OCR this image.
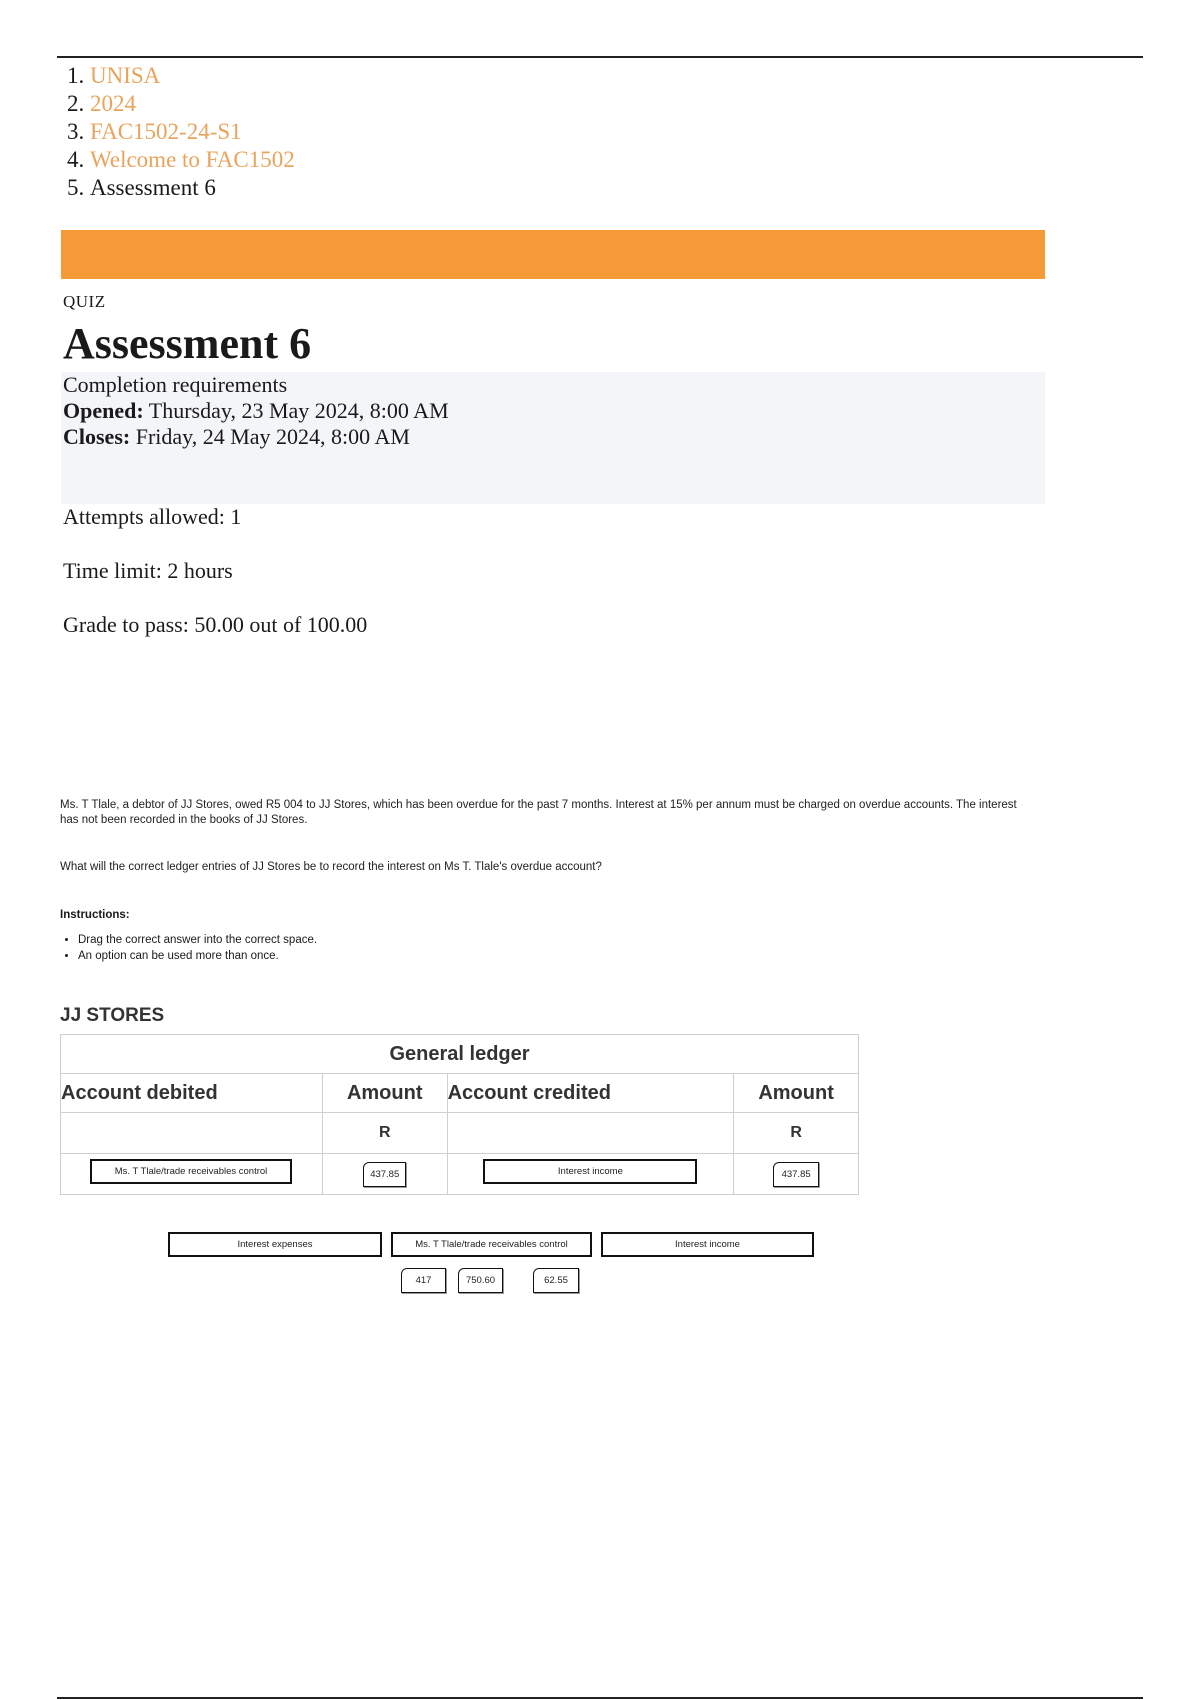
1. UNISA
2. 2024
3. FAC1502-24-S1
4. Welcome to FAC1502
5. Assessment 6
QUIZ
Assessment 6
Completion requirements
Opened: Thursday, 23 May 2024, 8:00 AM
Closes: Friday, 24 May 2024, 8:00 AM
Attempts allowed: 1
Time limit: 2 hours
Grade to pass: 50.00 out of 100.00
Ms. T Tlale, a debtor of JJ Stores, owed R5 004 to JJ Stores, which has been overdue for the past 7 months. Interest at 15% per annum must be charged on overdue accounts. The interest has not been recorded in the books of JJ Stores.
What will the correct ledger entries of JJ Stores be to record the interest on Ms T. Tlale's overdue account?
Instructions:
• Drag the correct answer into the correct space.
• An option can be used more than once.
JJ STORES
General ledger			
Account debited	Amount	Account credited	Amount
	R		R
Ms. T Tlale/trade receivables control	437.85	Interest income	437.85
Interest expenses	Ms. T Tlale/trade receivables control	Interest income
417	750.60	62.55
